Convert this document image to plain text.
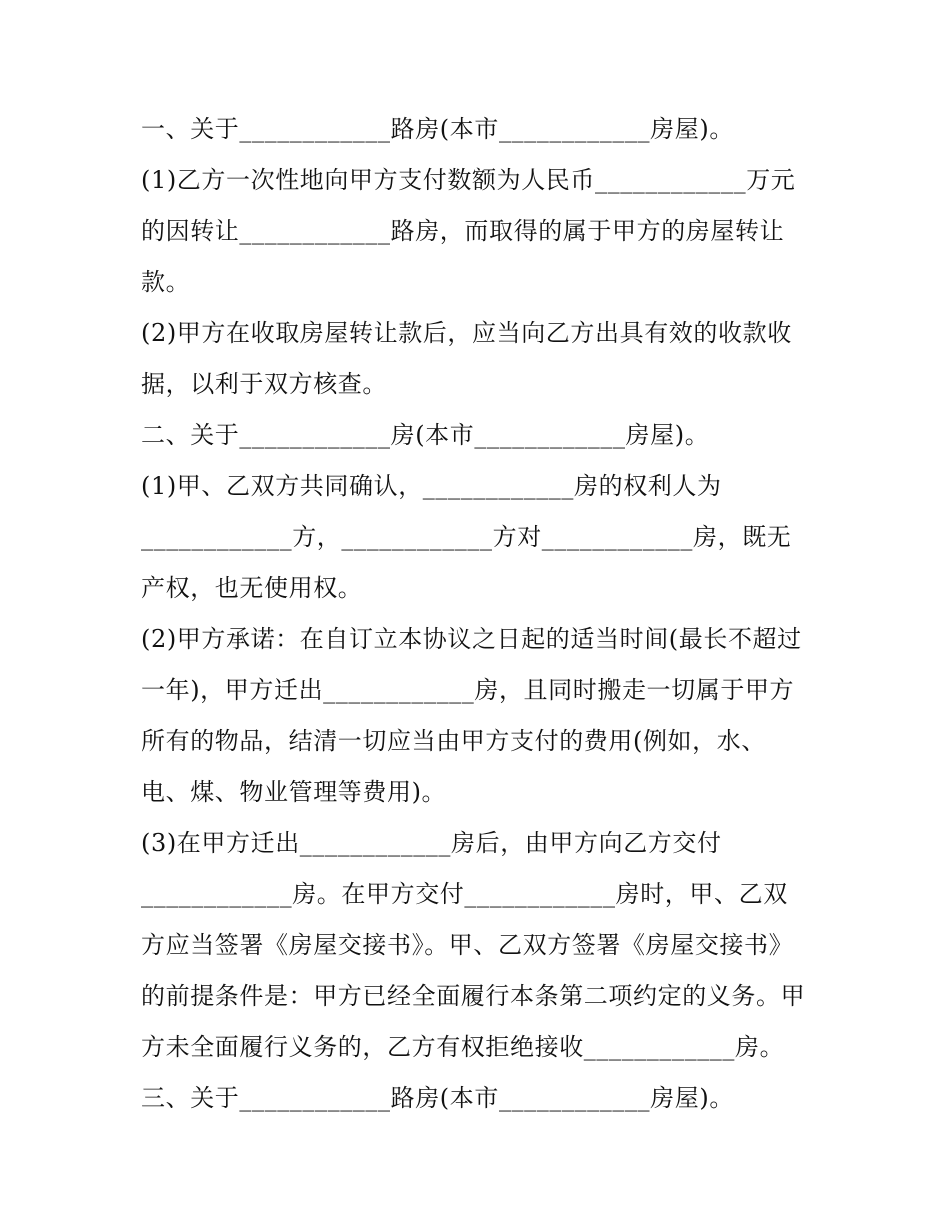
一、关于____________路房(本市____________房屋)。
(1)乙方一次性地向甲方支付数额为人民币____________万元
的因转让____________路房，而取得的属于甲方的房屋转让
款。
(2)甲方在收取房屋转让款后，应当向乙方出具有效的收款收
据，以利于双方核查。
二、关于____________房(本市____________房屋)。
(1)甲、乙双方共同确认，____________房的权利人为
____________方，____________方对____________房，既无
产权，也无使用权。
(2)甲方承诺：在自订立本协议之日起的适当时间(最长不超过
一年)，甲方迁出____________房，且同时搬走一切属于甲方
所有的物品，结清一切应当由甲方支付的费用(例如，水、
电、煤、物业管理等费用)。
(3)在甲方迁出____________房后，由甲方向乙方交付
____________房。在甲方交付____________房时，甲、乙双
方应当签署《房屋交接书》。甲、乙双方签署《房屋交接书》
的前提条件是：甲方已经全面履行本条第二项约定的义务。甲
方未全面履行义务的，乙方有权拒绝接收____________房。
三、关于____________路房(本市____________房屋)。
